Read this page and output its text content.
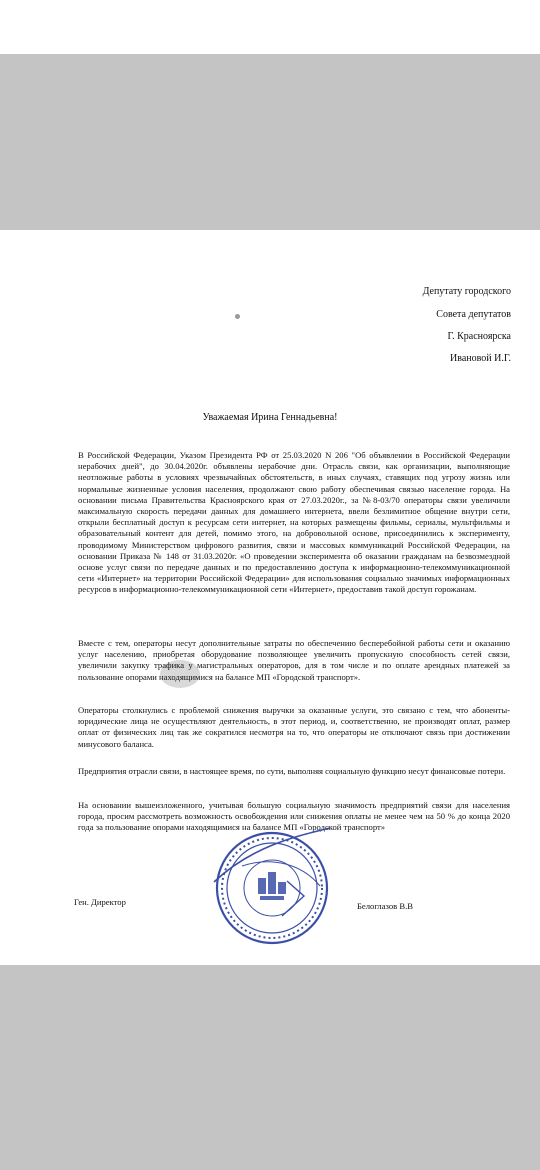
Депутату городского
Совета депутатов
Г. Красноярска
Ивановой И.Г.
Уважаемая Ирина Геннадьевна!

В Российской Федерации, Указом Президента РФ от 25.03.2020 N 206 "Об объявлении в Российской Федерации нерабочих дней", до 30.04.2020г. объявлены нерабочие дни. Отрасль связи, как организации, выполняющие неотложные работы в условиях чрезвычайных обстоятельств, в иных случаях, ставящих под угрозу жизнь или нормальные жизненные условия населения, продолжают свою работу обеспечивая связью население города. На основании письма Правительства Красноярского края от 27.03.2020г., за №8-03/70 операторы связи увеличили максимальную скорость передачи данных для домашнего интернета, ввели безлимитное общение внутри сети, открыли бесплатный доступ к ресурсам сети интернет, на которых размещены фильмы, сериалы, мультфильмы и образовательный контент для детей, помимо этого, на добровольной основе, присоединились к эксперименту, проводимому Министерством цифрового развития, связи и массовых коммуникаций Российской Федерации, на основании Приказа № 148 от 31.03.2020г. «О проведении эксперимента об оказании гражданам на безвозмездной основе услуг связи по передаче данных и по предоставлению доступа к информационно-телекоммуникационной сети «Интернет» на территории Российской Федерации» для использования социально значимых информационных ресурсов в информационно-телекоммуникационной сети «Интернет», предоставив такой доступ горожанам.

Вместе с тем, операторы несут дополнительные затраты по обеспечению бесперебойной работы сети и оказанию услуг населению, приобретая оборудование позволяющее увеличить пропускную способность сетей связи, увеличили закупку трафика у магистральных операторов, для в том числе и по оплате арендных платежей за пользование опорами находящимися на балансе МП «Городской транспорт».

Операторы столкнулись с проблемой снижения выручки за оказанные услуги, это связано с тем, что абоненты-юридические лица не осуществляют деятельность, в этот период, и, соответственно, не производят оплат, размер оплат от физических лиц так же сократился несмотря на то, что операторы не отключают связь при достижении минусового баланса.

Предприятия отрасли связи, в настоящее время, по сути, выполняя социальную функцию несут финансовые потери.

На основании вышеизложенного, учитывая большую социальную значимость предприятий связи для населения города, просим рассмотреть возможность освобождения или снижения оплаты не менее чем на 50 % до конца 2020 года за пользование опорами находящимися на балансе МП «Городской транспорт»

Ген. Директор	Белоглазов В.В
